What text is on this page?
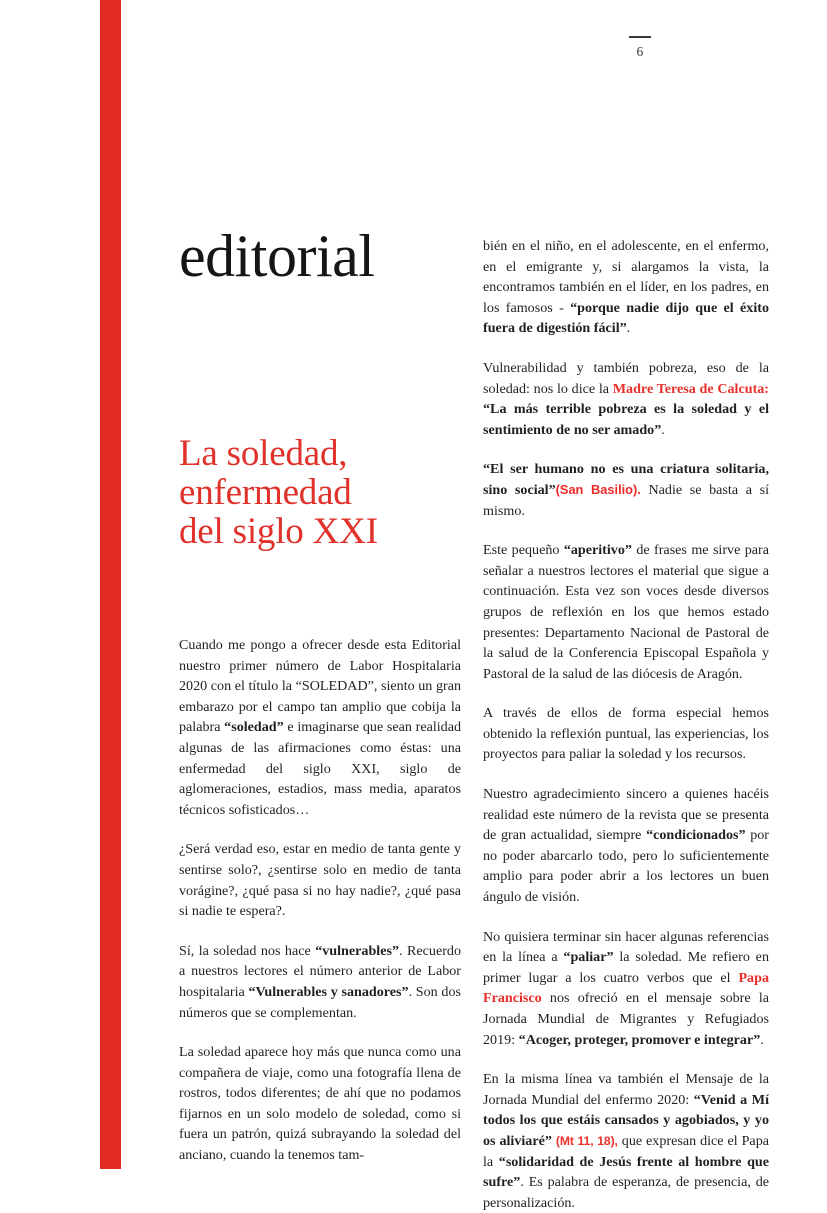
6
editorial
La soledad,
enfermedad
del siglo XXI

Cuando me pongo a ofrecer desde esta Editorial nuestro primer número de Labor Hospitalaria 2020 con el título la “SOLEDAD”, siento un gran embarazo por el campo tan amplio que cobija la palabra “soledad” e imaginarse que sean realidad algunas de las afirmaciones como éstas: una enfermedad del siglo XXI, siglo de aglomeraciones, estadios, mass media, aparatos técnicos sofisticados…

¿Será verdad eso, estar en medio de tanta gente y sentirse solo?, ¿sentirse solo en medio de tanta vorágine?, ¿qué pasa si no hay nadie?, ¿qué pasa si nadie te espera?.

Sí, la soledad nos hace “vulnerables”. Recuerdo a nuestros lectores el número anterior de Labor hospitalaria “Vulnerables y sanadores”. Son dos números que se complementan.

La soledad aparece hoy más que nunca como una compañera de viaje, como una fotografía llena de rostros, todos diferentes; de ahí que no podamos fijarnos en un solo modelo de soledad, como si fuera un patrón, quizá subrayando la soledad del anciano, cuando la tenemos tam-

bién en el niño, en el adolescente, en el enfermo, en el emigrante y, si alargamos la vista, la encontramos también en el líder, en los padres, en los famosos - “porque nadie dijo que el éxito fuera de digestión fácil”.

Vulnerabilidad y también pobreza, eso de la soledad: nos lo dice la Madre Teresa de Calcuta: “La más terrible pobreza es la soledad y el sentimiento de no ser amado”.

“El ser humano no es una criatura solitaria, sino social”(San Basilio). Nadie se basta a sí mismo.

Este pequeño “aperitivo” de frases me sirve para señalar a nuestros lectores el material que sigue a continuación. Esta vez son voces desde diversos grupos de reflexión en los que hemos estado presentes: Departamento Nacional de Pastoral de la salud de la Conferencia Episcopal Española y Pastoral de la salud de las diócesis de Aragón.

A través de ellos de forma especial hemos obtenido la reflexión puntual, las experiencias, los proyectos para paliar la soledad y los recursos.

Nuestro agradecimiento sincero a quienes hacéis realidad este número de la revista que se presenta de gran actualidad, siempre “condicionados” por no poder abarcarlo todo, pero lo suficientemente amplio para poder abrir a los lectores un buen ángulo de visión.

No quisiera terminar sin hacer algunas referencias en la línea a “paliar” la soledad. Me refiero en primer lugar a los cuatro verbos que el Papa Francisco nos ofreció en el mensaje sobre la Jornada Mundial de Migrantes y Refugiados 2019: “Acoger, proteger, promover e integrar”.

En la misma línea va también el Mensaje de la Jornada Mundial del enfermo 2020: “Venid a Mí todos los que estáis cansados y agobiados, y yo os aliviaré” (Mt 11, 18), que expresan dice el Papa la “solidaridad de Jesús frente al hombre que sufre”. Es palabra de esperanza, de presencia, de personalización.
